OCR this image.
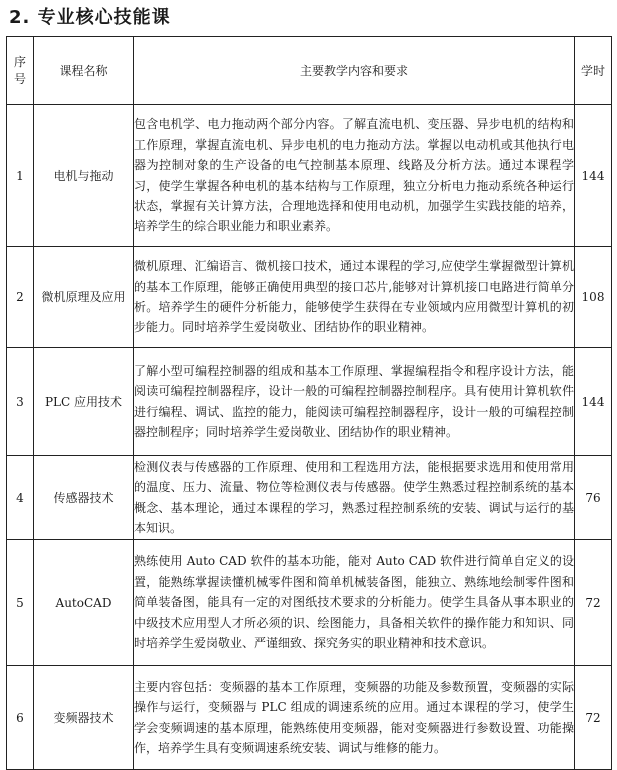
2. 专业核心技能课
序号	课程名称	主要教学内容和要求	学时
1	电机与拖动	包含电机学、电力拖动两个部分内容。了解直流电机、变压器、异步电机的结构和工作原理，掌握直流电机、异步电机的电力拖动方法。掌握以电动机或其他执行电器为控制对象的生产设备的电气控制基本原理、线路及分析方法。通过本课程学习，使学生掌握各种电机的基本结构与工作原理，独立分析电力拖动系统各种运行状态，掌握有关计算方法，合理地选择和使用电动机，加强学生实践技能的培养，培养学生的综合职业能力和职业素养。	144
2	微机原理及应用	微机原理、汇编语言、微机接口技术，通过本课程的学习,应使学生掌握微型计算机的基本工作原理，能够正确使用典型的接口芯片,能够对计算机接口电路进行简单分析。培养学生的硬件分析能力，能够使学生获得在专业领域内应用微型计算机的初步能力。同时培养学生爱岗敬业、团结协作的职业精神。	108
3	PLC 应用技术	了解小型可编程控制器的组成和基本工作原理、掌握编程指令和程序设计方法，能阅读可编程控制器程序，设计一般的可编程控制器控制程序。具有使用计算机软件进行编程、调试、监控的能力，能阅读可编程控制器程序，设计一般的可编程控制器控制程序；同时培养学生爱岗敬业、团结协作的职业精神。	144
4	传感器技术	检测仪表与传感器的工作原理、使用和工程选用方法，能根据要求选用和使用常用的温度、压力、流量、物位等检测仪表与传感器。使学生熟悉过程控制系统的基本概念、基本理论，通过本课程的学习，熟悉过程控制系统的安装、调试与运行的基本知识。	76
5	AutoCAD	熟练使用 Auto CAD 软件的基本功能，能对 Auto CAD 软件进行简单自定义的设置，能熟练掌握读懂机械零件图和简单机械装备图，能独立、熟练地绘制零件图和简单装备图，能具有一定的对图纸技术要求的分析能力。使学生具备从事本职业的中级技术应用型人才所必须的识、绘图能力，具备相关软件的操作能力和知识、同时培养学生爱岗敬业、严谨细致、探究务实的职业精神和技术意识。	72
6	变频器技术	主要内容包括：变频器的基本工作原理，变频器的功能及参数预置，变频器的实际操作与运行，变频器与 PLC 组成的调速系统的应用。通过本课程的学习，使学生学会变频调速的基本原理，能熟练使用变频器，能对变频器进行参数设置、功能操作，培养学生具有变频调速系统安装、调试与维修的能力。	72
